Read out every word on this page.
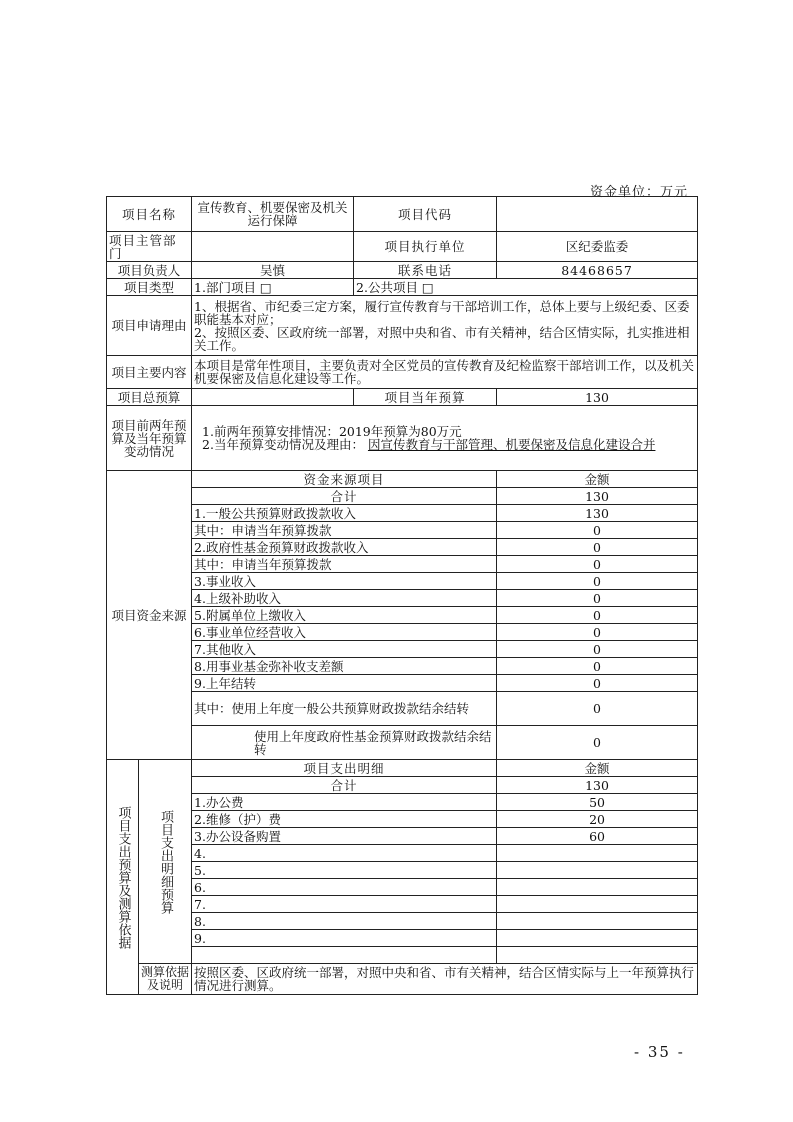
资金单位：万元
项目名称		宣传教育、机要保密及机关运行保障	项目代码	
项目主管部门			项目执行单位	区纪委监委
项目负责人		吴慎	联系电话	84468657
项目类型		1.部门项目 □	2.公共项目 □	
项目申请理由		1、根据省、市纪委三定方案，履行宣传教育与干部培训工作，总体上要与上级纪委、区委职能基本对应；
2、按照区委、区政府统一部署，对照中央和省、市有关精神，结合区情实际，扎实推进相关工作。		

项目主要内容		本项目是常年性项目，主要负责对全区党员的宣传教育及纪检监察干部培训工作，以及机关机要保密及信息化建设等工作。		
项目总预算			项目当年预算	130
项目前两年预算及当年预算变动情况		1.前两年预算安排情况：2019年预算为80万元
2.当年预算变动情况及理由： 因宣传教育与干部管理、机要保密及信息化建设合并		

项目资金来源		资金来源项目		金额
		合计		130
		1.一般公共预算财政拨款收入		130
		其中：申请当年预算拨款		0
		2.政府性基金预算财政拨款收入		0
		其中：申请当年预算拨款		0
		3.事业收入		0
		4.上级补助收入		0
		5.附属单位上缴收入		0
		6.事业单位经营收入		0
		7.其他收入		0
		8.用事业基金弥补收支差额		0
		9.上年结转		0
		其中：使用上年度一般公共预算财政拨款结余结转		0
		使用上年度政府性基金预算财政拨款结余结转		0

项目支出预算及测算依据	项目支出明细预算	项目支出明细		金额
		合计		130
		1.办公费		50
		2.维修（护）费		20
		3.办公设备购置		60
		4.		
		5.		
		6.		
		7.		
		8.		
		9.		

	测算依据及说明	按照区委、区政府统一部署，对照中央和省、市有关精神，结合区情实际与上一年预算执行情况进行测算。		
- 35 -
